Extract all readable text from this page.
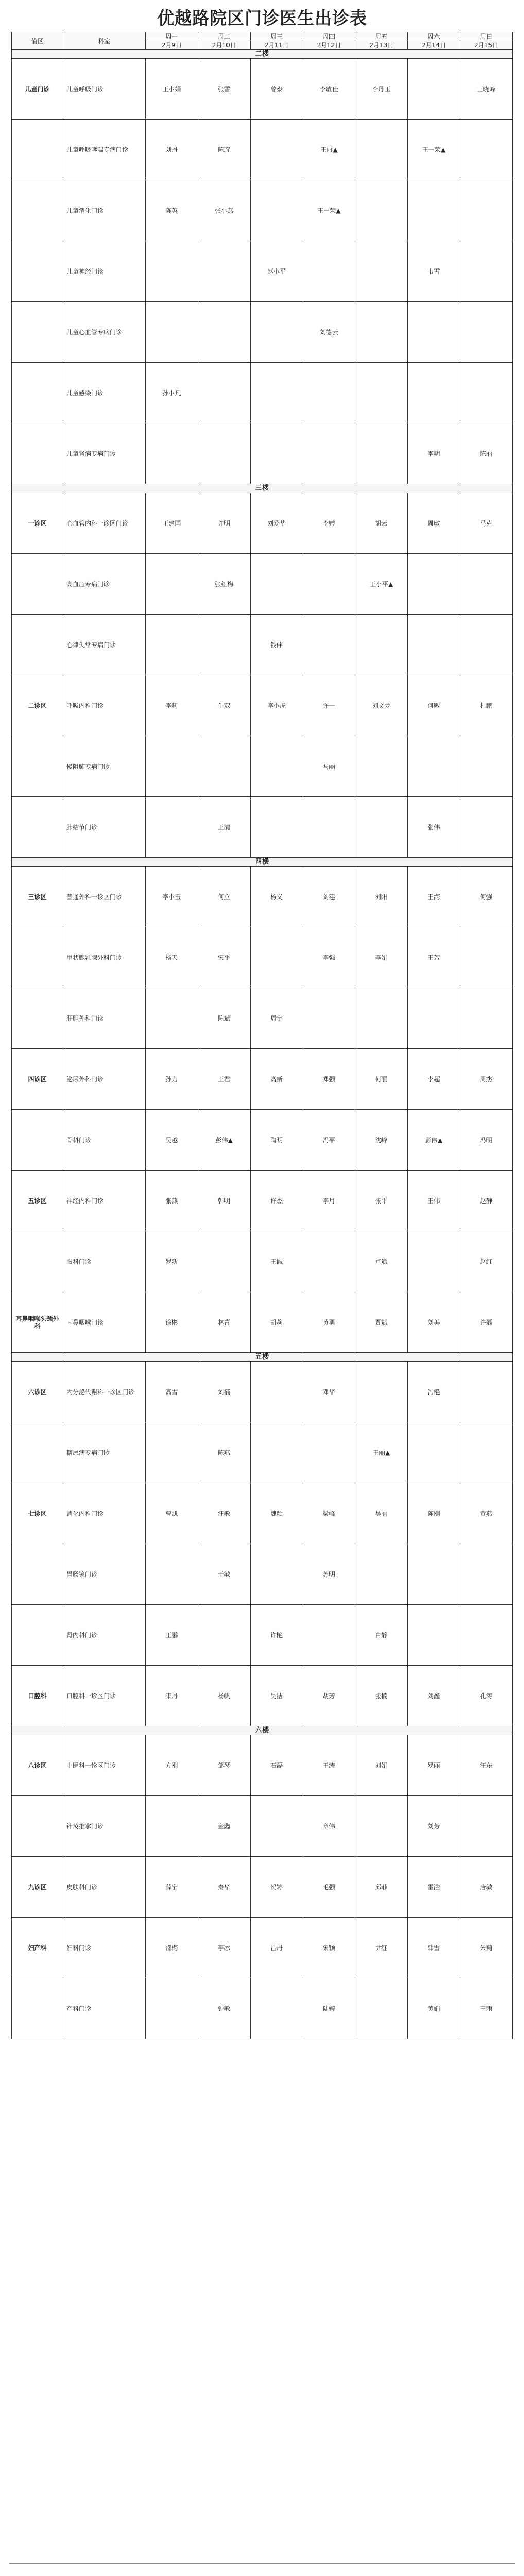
优越路院区门诊医生出诊表
值区	科室	周一	周二	周三	周四	周五	周六	周日
		2月9日	2月10日	2月11日	2月12日	2月13日	2月14日	2月15日
二楼								
儿童门诊	儿童呼吸门诊	王小娟	张雪	曾泰	李敏佳	李丹玉		王晓峰
	儿童呼吸哮喘专病门诊	刘丹	陈彦		王丽▲		王一荣▲	
	儿童消化门诊	陈英	张小燕		王一荣▲			
	儿童神经门诊			赵小平			韦雪	
	儿童心血管专病门诊				刘德云			
	儿童感染门诊	孙小凡						
	儿童肾病专病门诊						李明	陈丽
三楼								
一诊区	心血管内科一诊区门诊	王建国	许明	刘爱华	李婷	胡云	周敏	马克
	高血压专病门诊		张红梅			王小平▲		
	心律失常专病门诊			钱伟				
二诊区	呼吸内科门诊	李莉	牛双	李小虎	许一	刘文龙	何敏	杜鹏
	慢阻肺专病门诊				马丽			
	肺结节门诊		王清				张伟	
四楼								
三诊区	普通外科一诊区门诊	李小玉	何立	杨义	刘建	刘阳	王海	何强
	甲状腺乳腺外科门诊	杨天	宋平		李强	李娟	王芳	
	肝胆外科门诊		陈斌	周宇				
四诊区	泌尿外科门诊	孙力	王君	高新	郑强	何丽	李超	周杰
	骨科门诊	吴越	彭伟▲	陶明	冯平	沈峰	彭伟▲	冯明
五诊区	神经内科门诊	张燕	韩明	许杰	李月	张平	王伟	赵静
	眼科门诊	罗新		王诚		卢斌		赵红
耳鼻咽喉头颈外科	耳鼻咽喉门诊	徐彬	林青	胡莉	黄勇	贾斌	刘美	许磊
五楼								
六诊区	内分泌代谢科一诊区门诊	高雪	刘楠		邓华		冯艳	
	糖尿病专病门诊		陈燕			王丽▲		
七诊区	消化内科门诊	曹凯	汪敏	魏颖	梁峰	吴丽	陈刚	黄燕
	胃肠镜门诊		于敏		苏明			
	肾内科门诊	王鹏		许艳		白静		
口腔科	口腔科一诊区门诊	宋丹	杨帆	吴洁	胡芳	张楠	刘鑫	孔涛
六楼								
八诊区	中医科一诊区门诊	方刚	邹琴	石磊	王涛	刘娟	罗丽	汪东
	针灸推拿门诊		金鑫		章伟		刘芳	
九诊区	皮肤科门诊	薛宁	秦华	贺婷	毛强	邱菲	雷浩	唐敏
妇产科	妇科门诊	邵梅	李冰	吕丹	宋颖	尹红	韩雪	朱莉
	产科门诊		钟敏		陆婷		黄娟	王雨
